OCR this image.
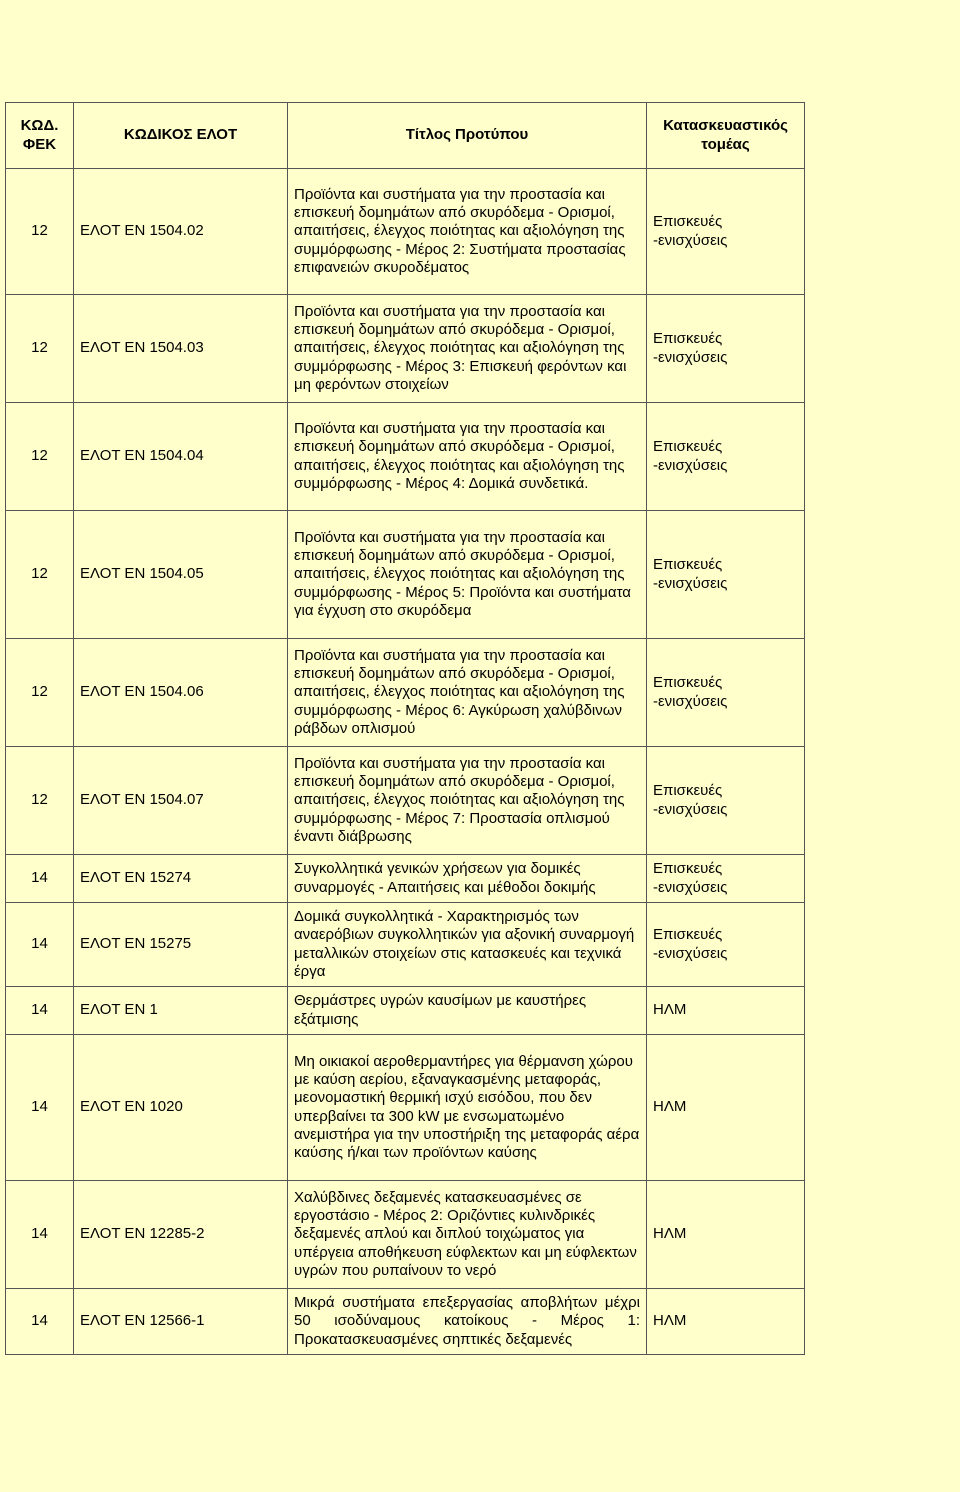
ΚΩΔ.
ΦΕΚ	ΚΩΔΙΚΟΣ ΕΛΟΤ	Τίτλος Προτύπου	Κατασκευαστικός
τομέας
12	ΕΛΟΤ ΕΝ 1504.02	Προϊόντα και συστήματα για την προστασία και επισκευή δομημάτων από σκυρόδεμα - Ορισμοί, απαιτήσεις, έλεγχος ποιότητας και αξιολόγηση της συμμόρφωσης - Μέρος 2: Συστήματα προστασίας επιφανειών σκυροδέματος	Επισκευές
-ενισχύσεις
12	ΕΛΟΤ ΕΝ 1504.03	Προϊόντα και συστήματα για την προστασία και επισκευή δομημάτων από σκυρόδεμα - Ορισμοί, απαιτήσεις, έλεγχος ποιότητας και αξιολόγηση της συμμόρφωσης - Μέρος 3: Επισκευή φερόντων και μη φερόντων στοιχείων	Επισκευές
-ενισχύσεις
12	ΕΛΟΤ ΕΝ 1504.04	Προϊόντα και συστήματα για την προστασία και επισκευή δομημάτων από σκυρόδεμα - Ορισμοί, απαιτήσεις, έλεγχος ποιότητας και αξιολόγηση της συμμόρφωσης - Μέρος 4: Δομικά συνδετικά.	Επισκευές
-ενισχύσεις
12	ΕΛΟΤ ΕΝ 1504.05	Προϊόντα και συστήματα για την προστασία και επισκευή δομημάτων από σκυρόδεμα - Ορισμοί, απαιτήσεις, έλεγχος ποιότητας και αξιολόγηση της συμμόρφωσης - Μέρος 5: Προϊόντα και συστήματα για έγχυση στο σκυρόδεμα	Επισκευές
-ενισχύσεις
12	ΕΛΟΤ ΕΝ 1504.06	Προϊόντα και συστήματα για την προστασία και επισκευή δομημάτων από σκυρόδεμα - Ορισμοί, απαιτήσεις, έλεγχος ποιότητας και αξιολόγηση της συμμόρφωσης - Μέρος 6: Αγκύρωση χαλύβδινων ράβδων οπλισμού	Επισκευές
-ενισχύσεις
12	ΕΛΟΤ ΕΝ 1504.07	Προϊόντα και συστήματα για την προστασία και επισκευή δομημάτων από σκυρόδεμα - Ορισμοί, απαιτήσεις, έλεγχος ποιότητας και αξιολόγηση της συμμόρφωσης - Μέρος 7: Προστασία οπλισμού έναντι διάβρωσης	Επισκευές
-ενισχύσεις
14	ΕΛΟΤ ΕΝ 15274	Συγκολλητικά γενικών χρήσεων για δομικές συναρμογές - Απαιτήσεις και μέθοδοι δοκιμής	Επισκευές
-ενισχύσεις
14	ΕΛΟΤ ΕΝ 15275	Δομικά συγκολλητικά - Χαρακτηρισμός των αναερόβιων συγκολλητικών για αξονική συναρμογή μεταλλικών στοιχείων στις κατασκευές και τεχνικά έργα	Επισκευές
-ενισχύσεις
14	ΕΛΟΤ ΕΝ 1	Θερμάστρες υγρών καυσίμων με καυστήρες εξάτμισης	ΗΛΜ
14	ΕΛΟΤ ΕΝ 1020	Μη οικιακοί αεροθερμαντήρες για θέρμανση χώρου με καύση αερίου, εξαναγκασμένης μεταφοράς, μεονομαστική θερμική ισχύ εισόδου, που δεν υπερβαίνει τα 300 kW με ενσωματωμένο ανεμιστήρα για την υποστήριξη της μεταφοράς αέρα καύσης ή/και των προϊόντων καύσης	ΗΛΜ
14	ΕΛΟΤ ΕΝ 12285-2	Χαλύβδινες δεξαμενές κατασκευασμένες σε εργοστάσιο - Μέρος 2: Οριζόντιες κυλινδρικές δεξαμενές απλού και διπλού τοιχώματος για υπέργεια αποθήκευση εύφλεκτων και μη εύφλεκτων υγρών που ρυπαίνουν το νερό	ΗΛΜ
14	ΕΛΟΤ ΕΝ 12566-1	Μικρά συστήματα επεξεργασίας αποβλήτων μέχρι 50 ισοδύναμους κατοίκους - Μέρος 1: Προκατασκευασμένες σηπτικές δεξαμενές	ΗΛΜ
